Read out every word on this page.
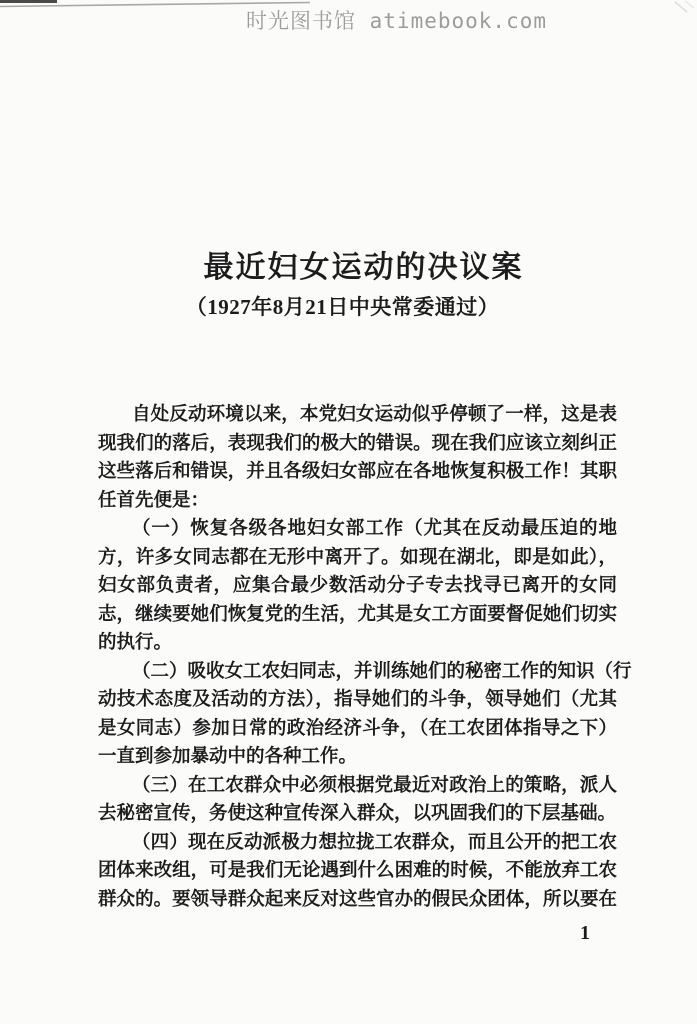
时光图书馆 atimebook.com
最近妇女运动的决议案
（1927年8月21日中央常委通过）
自处反动环境以来，本党妇女运动似乎停顿了一样，这是表
现我们的落后，表现我们的极大的错误。现在我们应该立刻纠正
这些落后和错误，并且各级妇女部应在各地恢复积极工作！其职
任首先便是：
（一）恢复各级各地妇女部工作（尤其在反动最压迫的地
方，许多女同志都在无形中离开了。如现在湖北，即是如此），
妇女部负责者，应集合最少数活动分子专去找寻已离开的女同
志，继续要她们恢复党的生活，尤其是女工方面要督促她们切实
的执行。
（二）吸收女工农妇同志，并训练她们的秘密工作的知识（行
动技术态度及活动的方法），指导她们的斗争，领导她们（尤其
是女同志）参加日常的政治经济斗争，（在工农团体指导之下）
一直到参加暴动中的各种工作。
（三）在工农群众中必须根据党最近对政治上的策略，派人
去秘密宣传，务使这种宣传深入群众，以巩固我们的下层基础。
（四）现在反动派极力想拉拢工农群众，而且公开的把工农
团体来改组，可是我们无论遇到什么困难的时候，不能放弃工农
群众的。要领导群众起来反对这些官办的假民众团体，所以要在
1
